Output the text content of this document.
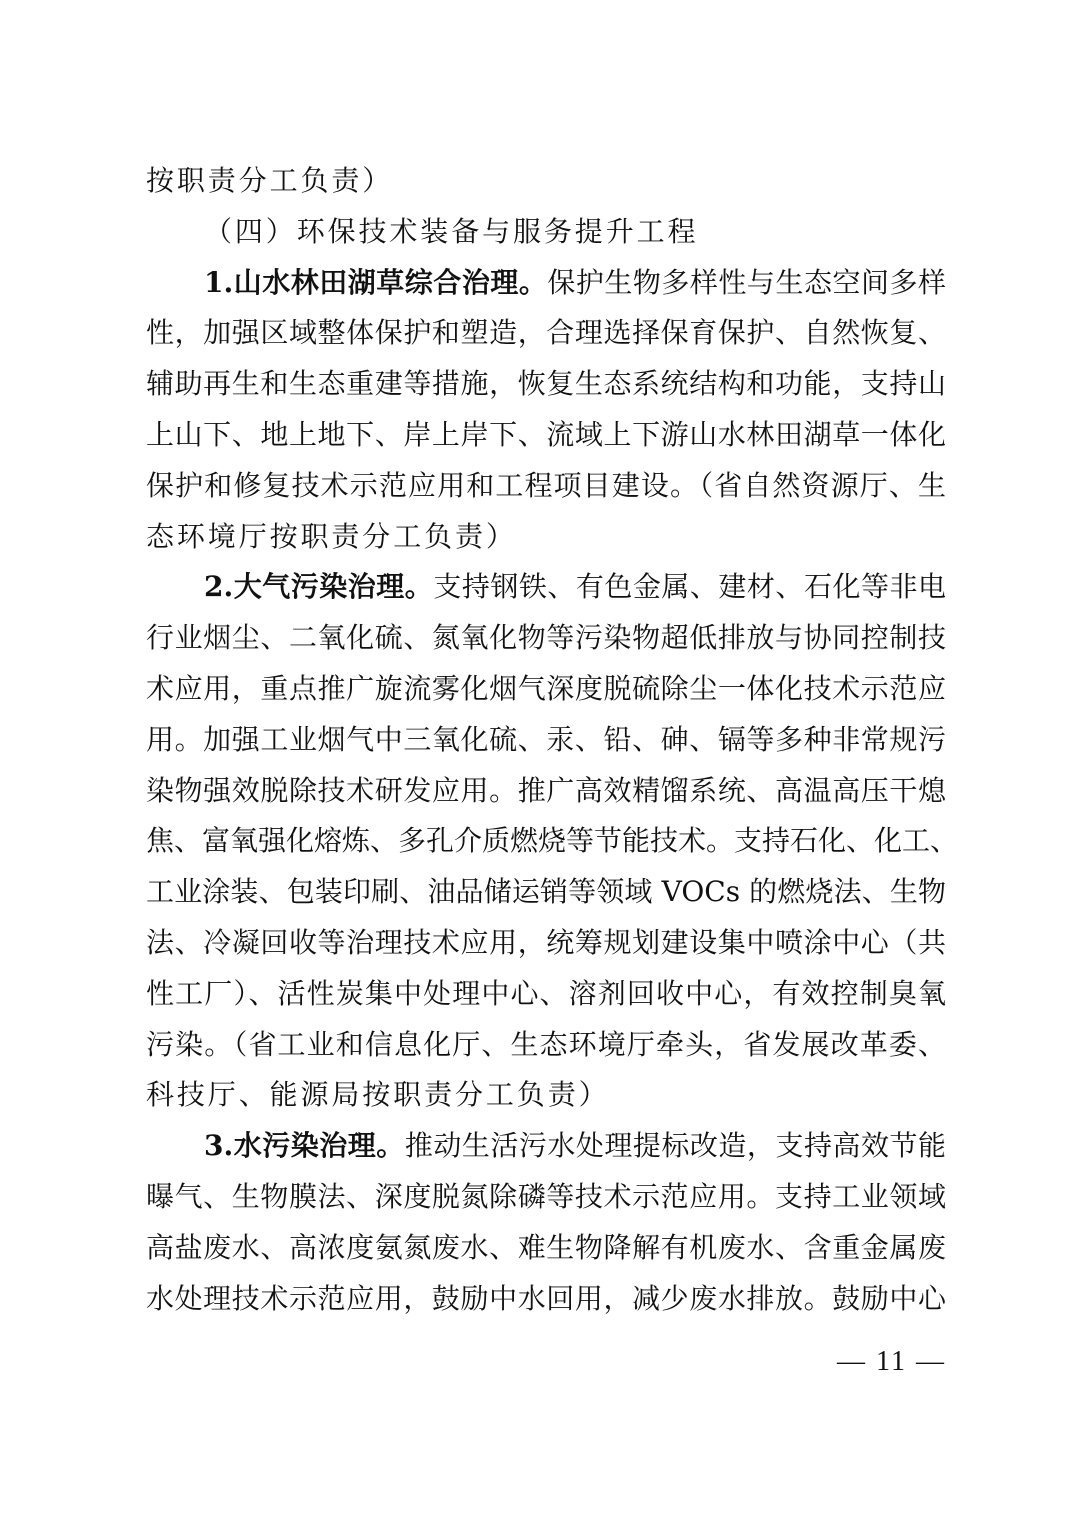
按职责分工负责）
（四）环保技术装备与服务提升工程
1.山水林田湖草综合治理。保护生物多样性与生态空间多样
性，加强区域整体保护和塑造，合理选择保育保护、自然恢复、
辅助再生和生态重建等措施，恢复生态系统结构和功能，支持山
上山下、地上地下、岸上岸下、流域上下游山水林田湖草一体化
保护和修复技术示范应用和工程项目建设。（省自然资源厅、生
态环境厅按职责分工负责）
2.大气污染治理。支持钢铁、有色金属、建材、石化等非电
行业烟尘、二氧化硫、氮氧化物等污染物超低排放与协同控制技
术应用，重点推广旋流雾化烟气深度脱硫除尘一体化技术示范应
用。加强工业烟气中三氧化硫、汞、铅、砷、镉等多种非常规污
染物强效脱除技术研发应用。推广高效精馏系统、高温高压干熄
焦、富氧强化熔炼、多孔介质燃烧等节能技术。支持石化、化工、
工业涂装、包装印刷、油品储运销等领域 VOCs 的燃烧法、生物
法、冷凝回收等治理技术应用，统筹规划建设集中喷涂中心（共
性工厂）、活性炭集中处理中心、溶剂回收中心，有效控制臭氧
污染。（省工业和信息化厅、生态环境厅牵头，省发展改革委、
科技厅、能源局按职责分工负责）
3.水污染治理。推动生活污水处理提标改造，支持高效节能
曝气、生物膜法、深度脱氮除磷等技术示范应用。支持工业领域
高盐废水、高浓度氨氮废水、难生物降解有机废水、含重金属废
水处理技术示范应用，鼓励中水回用，减少废水排放。鼓励中心
— 11 —
